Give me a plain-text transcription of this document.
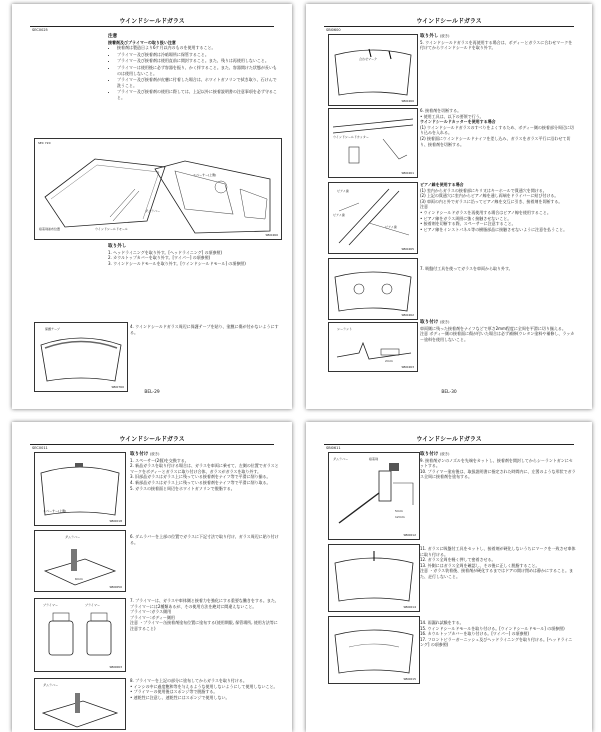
ウインドシールドガラス
SEC0025
注意
接着剤及びプライマーの取り扱い注意
• 接着剤は製造日より6ケ月以内のものを使用すること。
• プライマー及び接着剤は冷暗場所に保管すること。
• プライマー及び接着剤は使用直前に開封すること。また、残りは再使用しないこと。
• プライマーは使用後に必ず容器を振り、かく拌すること。また、容器開けた状態が長いものは使用しないこと。
• プライマー及び接着剤が皮膚に付着した場合は、ホワイトガソリンで拭き取り、石けんで洗うこと。
• プライマー及び接着剤の使用に際しては、上記以外に接着説明書の注意事項を必ず守ること。
SEC Y20
スペーサー(上側)
ダムラバー
ウインドシールドモール
接着剤塗布位置
SBI0460
取り外し
1. ヘッドライニングを取り外す。[ヘッドライニング] の項参照)
2. カウルトップカバーを取り外す。[ワイパー] の項参照)
3. ウインドシールドモールを取り外す。[ウインドシールドモール] の項参照)
保護テープ
SBI0760
4. ウインドシールドガラス周辺に保護テープを貼り、塗膜に傷が付かないようにする。
BEL-29
ウインドシールドガラス
SBI0600
合わせマーク
SBI0460
取り外し (続き)
5. ウインドシールドガラスを再使用する場合は、ボディーとガラスに合わせマークを付けてからウインドシールドを取り外す。
ウインドシールドカッター
SBI0461
6. 接着剤を切断する。
• 使用工具は、以下の要領で行う。
ウインドシールドカッターを使用する場合
(1) ウインドシールドガラスのすべりをよくするため、ボディー側の接着部分周辺に切り込みを入れる。
(2) 接着面にウインドシールドナイフを差し込み、ガラスをガラス平行に沿わせて切り、接着剤を切断する。
ピアノ線
ピアノ線
ピアノ線
SBI0465
ピアノ線を使用する場合
(1) 室内からガラスの接着部にキリ又はキーホールで貫通穴を開ける。
(2) 上記の貫通穴に室内からピアノ線を通し両端をドライバーに結び付ける。
(3) 車両の内と外でガラスに沿ってピアノ線を交互に引き、接着剤を切断する。
注意
• ウインドシールドガラスを再使用する場合はピアノ線を使用すること。
• ピアノ線をガラス周囲に強く接触させないこと。
• 接着剤を切断する際、スペーサーに注意すること。
• ピアノ線をインストパネル等の樹脂部品に接触させないように注意を払うこと。
SBI0462
7. 吸盤付工具を使ってガラスを車両から取り外す。
シーラント
2mm
SBI0463
取り付け (続き)
車両側に残った接着剤をナイフなどで厚さ2mm程度に全周を平滑に切り揃える。
注意 ボディー側の接着面に傷が付いた場合は必ず補修(ウレタン塗料や補修し、ラッカー塗料を使用しないこと。
BEL-30
ウインドシールドガラス
SEC0011
スペーサー(上側)
SBI0018
取り付け (続き)
1. スペーサー(2個)を交換する。
2. 新品ガラスを取り付ける場合は、ガラスを車両に乗せて、左側の位置でガラスとマークをボディーとガラスに取り付け合体、ガラスがガラスを取り外す。
3. 旧部品ガラスはガラス上に残っている接着剤をナイフ等で平滑に削り揃る。
4. 新部品ガラスはガラス上に残っている接着剤をナイフ等で平滑に削り取る。
5. ガラスの接着面と周辺をホワイトガソリンで脱脂する。
ダムラバー
6mm
SBI0650
6. ダムラバーを上部の位置でガラスに下記寸法で取り付け、ガラス周辺に貼り付ける。
プライマー	プライマー
SBI0663
7. プライマーは、ガラスや車体側と接着力を強化にする重要な働きをする。また、プライマーには2種類あるが、その使用方法を絶対に間違えないこと。
プライマー:ガラス側用
プライマー:ボディー側用
注意 ・プライマー缶接着剤塗布位置に塗布する(使用期限, 保管場所, 使用方法等に注意すること)
ダムラバー
8. プライマーを上記の部分に塗布してからガラスを取り付ける。
• インシの中に過度飽和等を与えるような使用しないようにして使用しないこと。
• プライマーの使用後はスポンジ等で脱脂する。
• 速乾性に注意し、速乾性にはスポンジで使用しない。
ウインドシールドガラス
SBI0611
接着剤
ダムラバー
5mm
12mm
SBI0612
取り付け (続き)
9. 接着剤ガンのノズルを先端をカットし、接着剤を開封してからシーラントガンにセットする。
10. プライマー塗布後は、取扱説明書に指定された時間内に、左図のような形状でガラス全周に接着剤を塗布する。
SBI0614
11. ガラスに吸盤付工具をセットし、接着剤が硬化しないうちにマークを一致させ車体に取り付ける。
12. ガラス全周を軽く押して密着させる。
13. 外側にはガラス全周を確認し、その後に正しく脱脂すること。
注意 ・ガラス装着後、接着剤が硬化するまではドアの開け閉めは静かにすること。また、走行しないこと。
SBI0615
14. 雨漏れ試験をする。
15. ウインドシールドモールを取り付ける。[ウインドシールドモール] の項参照)
16. カウルトップカバーを取り付ける。[ワイパー] の項参照)
17. フロントピラーガーニッシュ及びヘッドライニングを取り付ける。[ヘッドライニング] の項参照)
